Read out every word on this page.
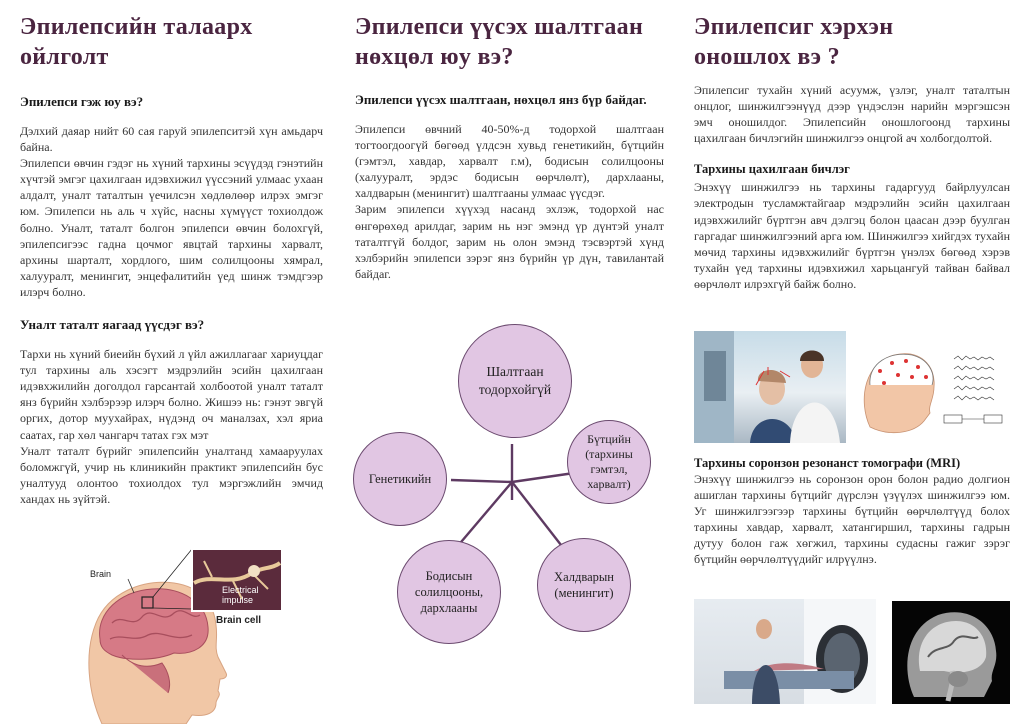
Эпилепсийн талаарх ойлголт
Эпилепси гэж юу вэ?

Дэлхий даяар нийт 60 сая гаруй эпилепситэй хүн амьдарч байна.
Эпилепси өвчин гэдэг нь хүний тархины эсүүдэд гэнэтийн хүчтэй эмгэг цахилгаан идэвхижил үүссэний улмаас ухаан алдалт, уналт таталтын үечилсэн хөдлөлөөр илрэх эмгэг юм. Эпилепси нь аль ч хүйс, насны хүмүүст тохиолдож болно. Уналт, таталт болгон эпилепси өвчин болохгүй, эпилепсигээс гадна цочмог явцтай тархины харвалт, архины шарталт, хордлого, шим солилцооны хямрал, халууралт, менингит, энцефалитийн үед шинж тэмдгээр илэрч болно.

Уналт таталт яагаад үүсдэг вэ?

Тархи нь хүний биеийн бүхий л үйл ажиллагааг хариуцдаг тул тархины аль хэсэгт мэдрэлийн эсийн цахилгаан идэвхжилийн доголдол гарсантай холбоотой уналт таталт янз бүрийн хэлбэрээр илэрч болно. Жишээ нь: гэнэт эвгүй оргих, дотор муухайрах, нүдэнд оч маналзах, хэл яриа саатах, гар хөл чангарч татах гэх мэт
Уналт таталт бүрийг эпилепсийн уналтанд хамааруулах боломжгүй, учир нь клиникийн практикт эпилепсийн бус уналтууд олонтоо тохиолдох тул мэргэжлийн эмчид хандах нь зүйтэй.

Brain
Electrical impulse
Brain cell
Эпилепси үүсэх шалтгаан нөхцөл юу вэ?
Эпилепси үүсэх шалтгаан, нөхцөл янз бүр байдаг.

Эпилепси өвчний 40-50%-д тодорхой шалтгаан тогтоогдоогүй бөгөөд үлдсэн хувьд генетикийн, бүтцийн (гэмтэл, хавдар, харвалт г.м), бодисын солилцооны (халууралт, эрдэс бодисын өөрчлөлт), дархлааны, халдварын (менингит) шалтгааны улмаас үүсдэг.
Зарим эпилепси хүүхэд насанд эхлэж, тодорхой нас өнгөрөхөд арилдаг, зарим нь нэг эмэнд үр дүнтэй уналт таталтгүй болдог, зарим нь олон эмэнд тэсвэртэй хүнд хэлбэрийн эпилепси зэрэг янз бүрийн үр дүн, тавилантай байдаг.

Шалтгаан тодорхойгүй
Бүтцийн (тархины гэмтэл, харвалт)
Генетикийн
Халдварын (менингит)
Бодисын солилцооны, дархлааны
Эпилепсиг хэрхэн оношлох вэ ?

Эпилепсиг тухайн хүний асуумж, үзлэг, уналт таталтын онцлог, шинжилгээнүүд дээр үндэслэн нарийн мэргэшсэн эмч оношилдог. Эпилепсийн оношлогоонд тархины цахилгаан бичлэгийн шинжилгээ онцгой ач холбогдолтой.

Тархины цахилгаан бичлэг

Энэхүү шинжилгээ нь тархины гадаргууд байрлуулсан электродын тусламжтайгаар мэдрэлийн эсийн цахилгаан идэвхжилийг бүртгэн авч дэлгэц болон цаасан дээр буулган гаргадаг шинжилгээний арга юм. Шинжилгээ хийгдэх тухайн мөчид тархины идэвхжилийг бүртгэн үнэлэх бөгөөд хэрэв тухайн үед тархины идэвхижил харьцангуй тайван байвал өөрчлөлт илрэхгүй байж болно.

Тархины соронзон резонанст томографи (MRI)

Энэхүү шинжилгээ нь соронзон орон болон радио долгион ашиглан тархины бүтцийг дүрслэн үзүүлэх шинжилгээ юм. Уг шинжилгээгээр тархины бүтцийн өөрчлөлтүүд болох тархины хавдар, харвалт, хатангиршил, тархины гадрын дутуу болон гаж хөгжил, тархины судасны гажиг зэрэг бүтцийн өөрчлөлтүүдийг илрүүлнэ.
